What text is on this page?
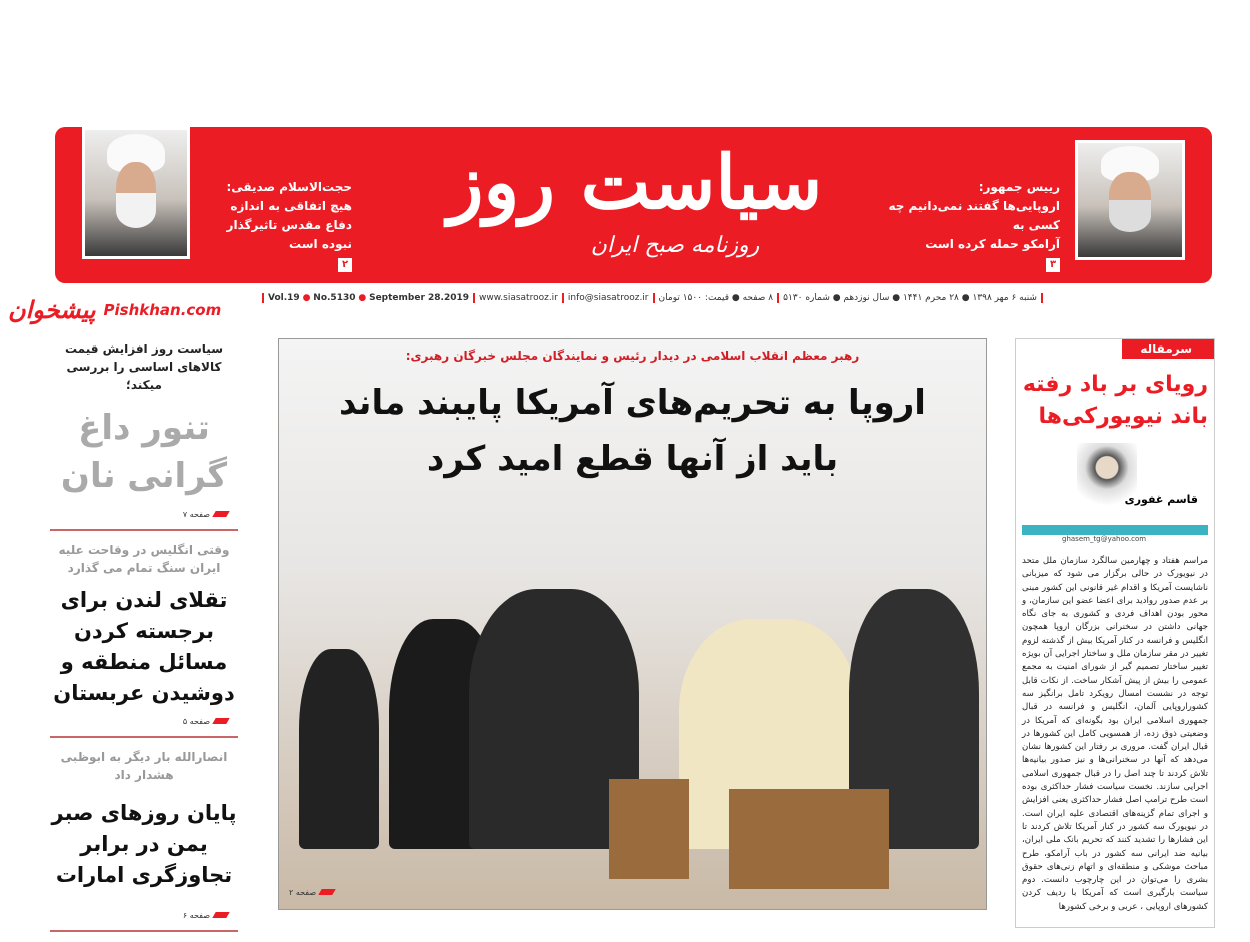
حجت‌الاسلام صدیقی:
هیچ اتفاقی به اندازه
دفاع مقدس تاثیرگذار نبوده است
۲
رییس جمهور:
اروپایی‌ها گفتند نمی‌دانیم چه کسی به
آرامکو حمله کرده است
۳
سیاست روز
روزنامه صبح ایران
پیشخوان Pishkhan.com
Vol.19 ● No.5130 ● September 28.2019	www.siasatrooz.ir	info@siasatrooz.ir	۸ صفحه ● قیمت: ۱۵۰۰ تومان	شنبه ۶ مهر ۱۳۹۸ ● ۲۸ محرم ۱۴۴۱ ● سال نوزدهم ● شماره ۵۱۳۰
سیاست روز افزایش قیمت کالاهای اساسی را بررسی میکند؛
تنور داغ گرانی نان
صفحه ۷
وقتی انگلیس در وقاحت علیه ایران سنگ تمام می گذارد
تقلای لندن برای برجسته کردن مسائل منطقه و دوشیدن عربستان
صفحه ۵
انصارالله بار دیگر به ابوظبی هشدار داد
پایان روزهای صبر یمن در برابر تجاوزگری امارات
صفحه ۶
رهبر معظم انقلاب اسلامی در دیدار رئیس و نمایندگان مجلس خبرگان رهبری:
اروپا به تحریم‌های آمریکا پایبند ماند
باید از آنها قطع امید کرد
صفحه ۲
سرمقاله
رویای بر باد رفته باند نیویورکی‌ها
قاسم غفوری
ghasem_tg@yahoo.com
مراسم هفتاد و چهارمین سالگرد سازمان ملل متحد در نیویورک در حالی برگزار می شود که میزبانی ناشایست آمریکا و اقدام غیر قانونی این کشور مبنی بر عدم صدور روادید برای اعضا عضو این سازمان، و محور بودن اهداف فردی و کشوری به جای نگاه جهانی داشتن در سخنرانی بزرگان اروپا همچون انگلیس و فرانسه در کنار آمریکا بیش از گذشته لزوم تغییر در مقر سازمان ملل و ساختار اجرایی آن بویژه تغییر ساختار تصمیم گیر از شورای امنیت به مجمع عمومی را بیش از پیش آشکار ساخت. از نکات قابل توجه در نشست امسال رویکرد تامل برانگیز سه کشوراروپایی آلمان، انگلیس و فرانسه در قبال جمهوری اسلامی ایران بود بگونه‌ای که آمریکا در وضعیتی ذوق زده، از همسویی کامل این کشورها در قبال ایران گفت. مروری بر رفتار این کشورها نشان می‌دهد که آنها در سخنرانی‌ها و نیز صدور بیانیه‌ها تلاش کردند تا چند اصل را در قبال جمهوری اسلامی اجرایی سازند. نخست سیاست فشار حداکثری بوده است طرح ترامپ اصل فشار حداکثری یعنی افزایش و اجرای تمام گزینه‌های اقتصادی علیه ایران است. در نیویورک سه کشور در کنار آمریکا تلاش کردند تا این فشارها را تشدید کنند که تحریم بانک ملی ایران، بیانیه ضد ایرانی سه کشور در باب آرامکو، طرح مباحث موشکی و منطقه‌ای و اتهام زنی‌های حقوق بشری را می‌توان در این چارچوب دانست. دوم سیاست بارگیری است که آمریکا با ردیف کردن کشورهای اروپایی ، عربی و برخی کشورها
